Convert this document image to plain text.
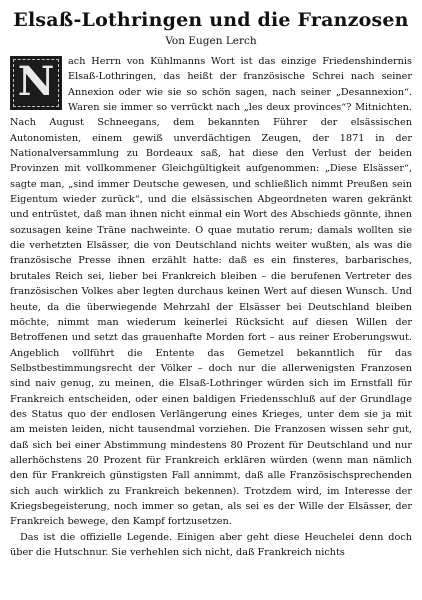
Elsaß-Lothringen und die Franzosen
Von Eugen Lerch
N	ach Herrn von Kühlmanns Wort ist das einzige Friedenshindernis Elsaß-Lothringen, das heißt der französische Schrei nach seiner Annexion oder wie sie so schön sagen, nach seiner „Desannexion“. Waren sie immer so verrückt nach „les deux provinces“? Mitnichten. Nach August Schneegans, dem bekannten Führer der elsässischen Autonomisten, einem gewiß unverdächtigen Zeugen, der 1871 in der Nationalversammlung zu Bordeaux saß, hat diese den Verlust der beiden Provinzen mit vollkommener Gleichgültigkeit aufgenommen: „Diese Elsässer“, sagte man, „sind immer Deutsche gewesen, und schließlich nimmt Preußen sein Eigentum wieder zurück“, und die elsässischen Abgeordneten waren gekränkt und entrüstet, daß man ihnen nicht einmal ein Wort des Abschieds gönnte, ihnen sozusagen keine Träne nachweinte. O quae mutatio rerum; damals wollten sie die verhetzten Elsässer, die von Deutschland nichts weiter wußten, als was die französische Presse ihnen erzählt hatte: daß es ein finsteres, barbarisches, brutales Reich sei, lieber bei Frankreich bleiben – die berufenen Vertreter des französischen Volkes aber legten durchaus keinen Wert auf diesen Wunsch. Und heute, da die überwiegende Mehrzahl der Elsässer bei Deutschland bleiben möchte, nimmt man wiederum keinerlei Rücksicht auf diesen Willen der Betroffenen und setzt das grauenhafte Morden fort – aus reiner Eroberungswut. Angeblich vollführt die Entente das Gemetzel bekanntlich für das Selbstbestimmungsrecht der Völker – doch nur die allerwenigsten Franzosen sind naiv genug, zu meinen, die Elsaß-Lothringer würden sich im Ernstfall für Frankreich entscheiden, oder einen baldigen Friedensschluß auf der Grundlage des Status quo der endlosen Verlängerung eines Krieges, unter dem sie ja mit am meisten leiden, nicht tausendmal vorziehen. Die Franzosen wissen sehr gut, daß sich bei einer Abstimmung mindestens 80 Prozent für Deutschland und nur allerhöchstens 20 Prozent für Frankreich erklären würden (wenn man nämlich den für Frankreich günstigsten Fall annimmt, daß alle Französischsprechenden sich auch wirklich zu Frankreich bekennen). Trotzdem wird, im Interesse der Kriegsbegeisterung, noch immer so getan, als sei es der Wille der Elsässer, der Frankreich bewege, den Kampf fortzusetzen.

Das ist die offizielle Legende. Einigen aber geht diese Heuchelei denn doch über die Hutschnur. Sie verhehlen sich nicht, daß Frankreich nichts
